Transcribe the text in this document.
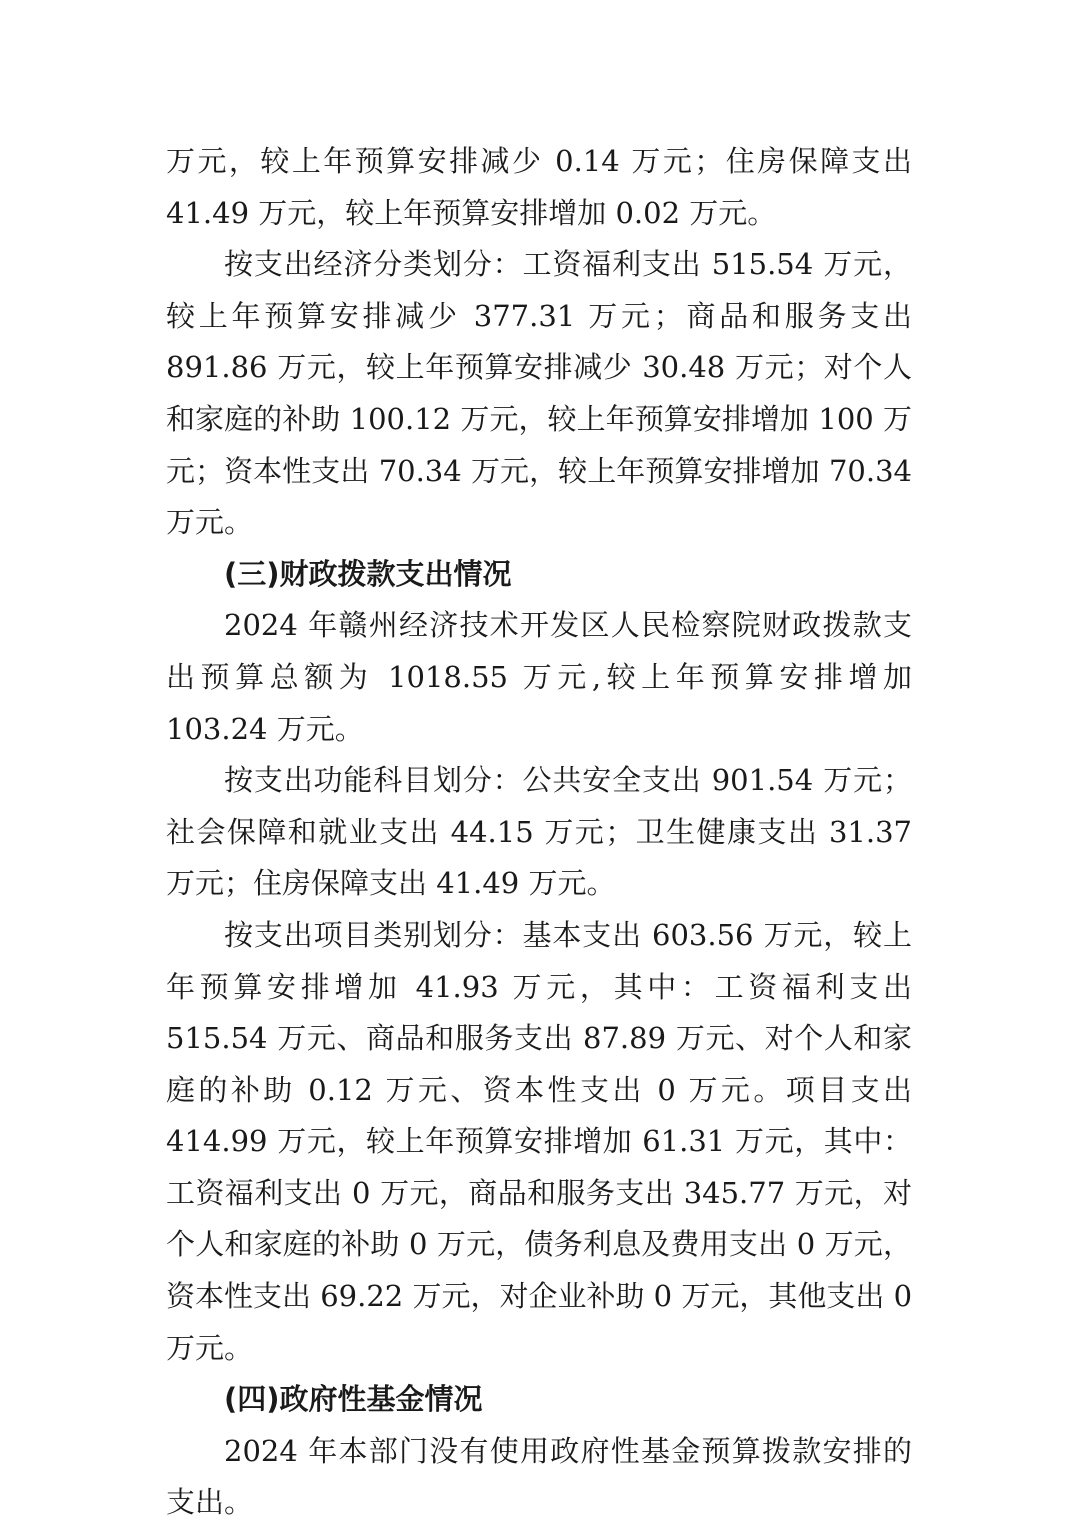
万元，较上年预算安排减少 0.14 万元；住房保障支出 41.49 万元，较上年预算安排增加 0.02 万元。

按支出经济分类划分：工资福利支出 515.54 万元，较上年预算安排减少 377.31 万元；商品和服务支出 891.86 万元，较上年预算安排减少 30.48 万元；对个人和家庭的补助 100.12 万元，较上年预算安排增加 100 万元；资本性支出 70.34 万元，较上年预算安排增加 70.34 万元。

(三)财政拨款支出情况

2024 年赣州经济技术开发区人民检察院财政拨款支出预算总额为 1018.55 万元,较上年预算安排增加 103.24 万元。

按支出功能科目划分：公共安全支出 901.54 万元；社会保障和就业支出 44.15 万元；卫生健康支出 31.37 万元；住房保障支出 41.49 万元。

按支出项目类别划分：基本支出 603.56 万元，较上年预算安排增加 41.93 万元，其中：工资福利支出 515.54 万元、商品和服务支出 87.89 万元、对个人和家庭的补助 0.12 万元、资本性支出 0 万元。项目支出 414.99 万元，较上年预算安排增加 61.31 万元，其中：工资福利支出 0 万元，商品和服务支出 345.77 万元，对个人和家庭的补助 0 万元，债务利息及费用支出 0 万元，资本性支出 69.22 万元，对企业补助 0 万元，其他支出 0 万元。

(四)政府性基金情况

2024 年本部门没有使用政府性基金预算拨款安排的支出。
